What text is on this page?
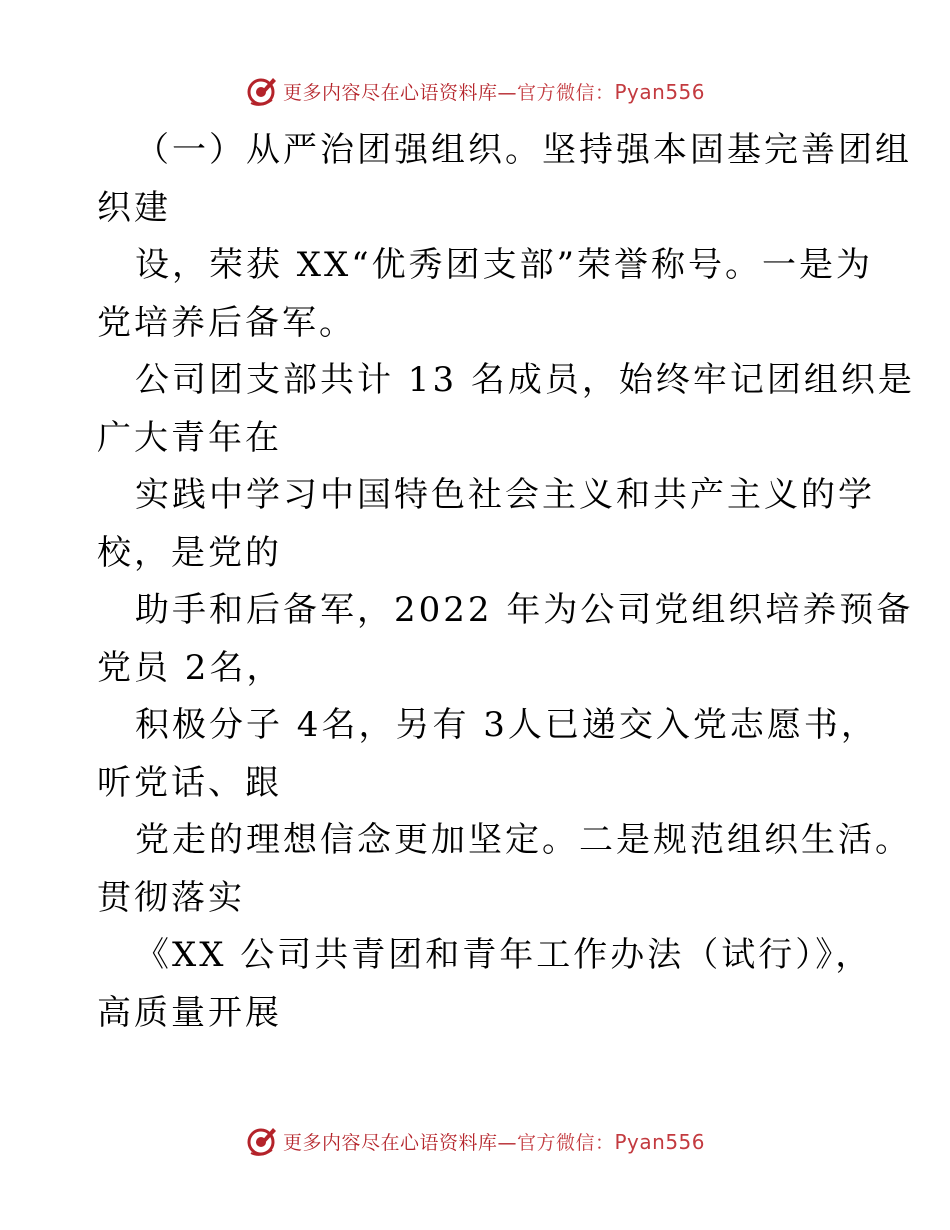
更多内容尽在心语资料库—官方微信：Pyan556
（一）从严治团强组织。坚持强本固基完善团组
织建
设，荣获 XX“优秀团支部”荣誉称号。一是为
党培养后备军。
公司团支部共计 13 名成员，始终牢记团组织是
广大青年在
实践中学习中国特色社会主义和共产主义的学
校，是党的
助手和后备军，2022 年为公司党组织培养预备
党员 2名，
积极分子 4名，另有 3人已递交入党志愿书，
听党话、跟
党走的理想信念更加坚定。二是规范组织生活。
贯彻落实
《XX 公司共青团和青年工作办法（试行）》，
高质量开展
更多内容尽在心语资料库—官方微信：Pyan556
